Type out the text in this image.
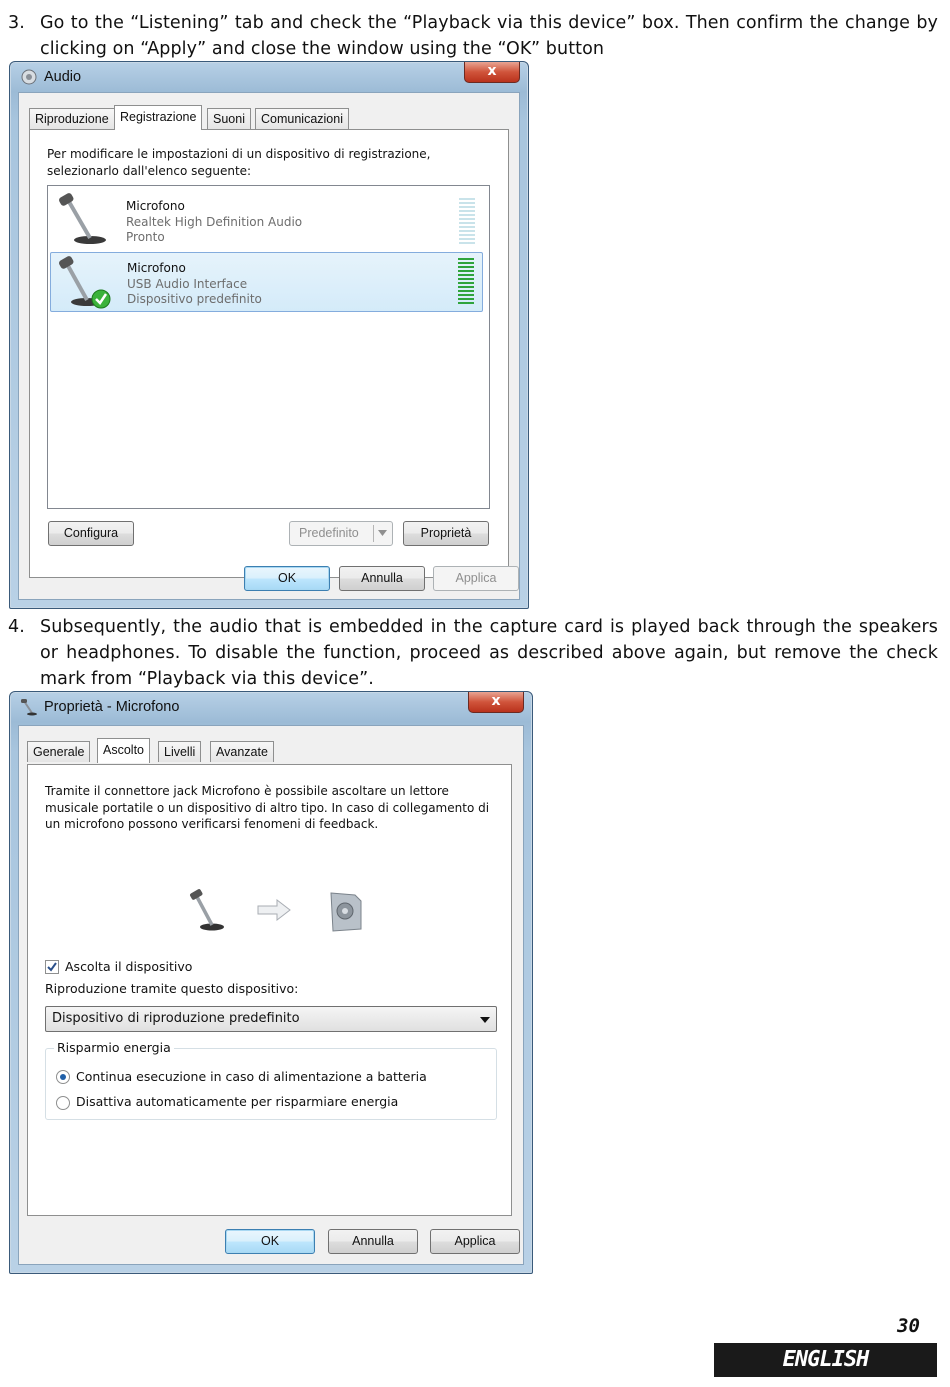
3. Go to the “Listening” tab and check the “Playback via this device” box. Then confirm the change by clicking on “Apply” and close the window using the “OK” button
Audio	x
Riproduzione Registrazione	Suoni	Comunicazioni
Per modificare le impostazioni di un dispositivo di registrazione, selezionarlo dall'elenco seguente:
Microfono
Realtek High Definition Audio
Pronto
Microfono
USB Audio Interface
Dispositivo predefinito
Configura	Predefinito	Proprietà
OK	Annulla	Applica
4. Subsequently, the audio that is embedded in the capture card is played back through the speakers or headphones. To disable the function, proceed as described above again, but remove the check mark from “Playback via this device”.
Proprietà - Microfono	x
Generale	Ascolto	Livelli	Avanzate
Tramite il connettore jack Microfono è possibile ascoltare un lettore musicale portatile o un dispositivo di altro tipo. In caso di collegamento di un microfono possono verificarsi fenomeni di feedback.
Ascolta il dispositivo
Riproduzione tramite questo dispositivo:
Dispositivo di riproduzione predefinito
Risparmio energia
Continua esecuzione in caso di alimentazione a batteria
Disattiva automaticamente per risparmiare energia
OK	Annulla	Applica
30
ENGLISH
